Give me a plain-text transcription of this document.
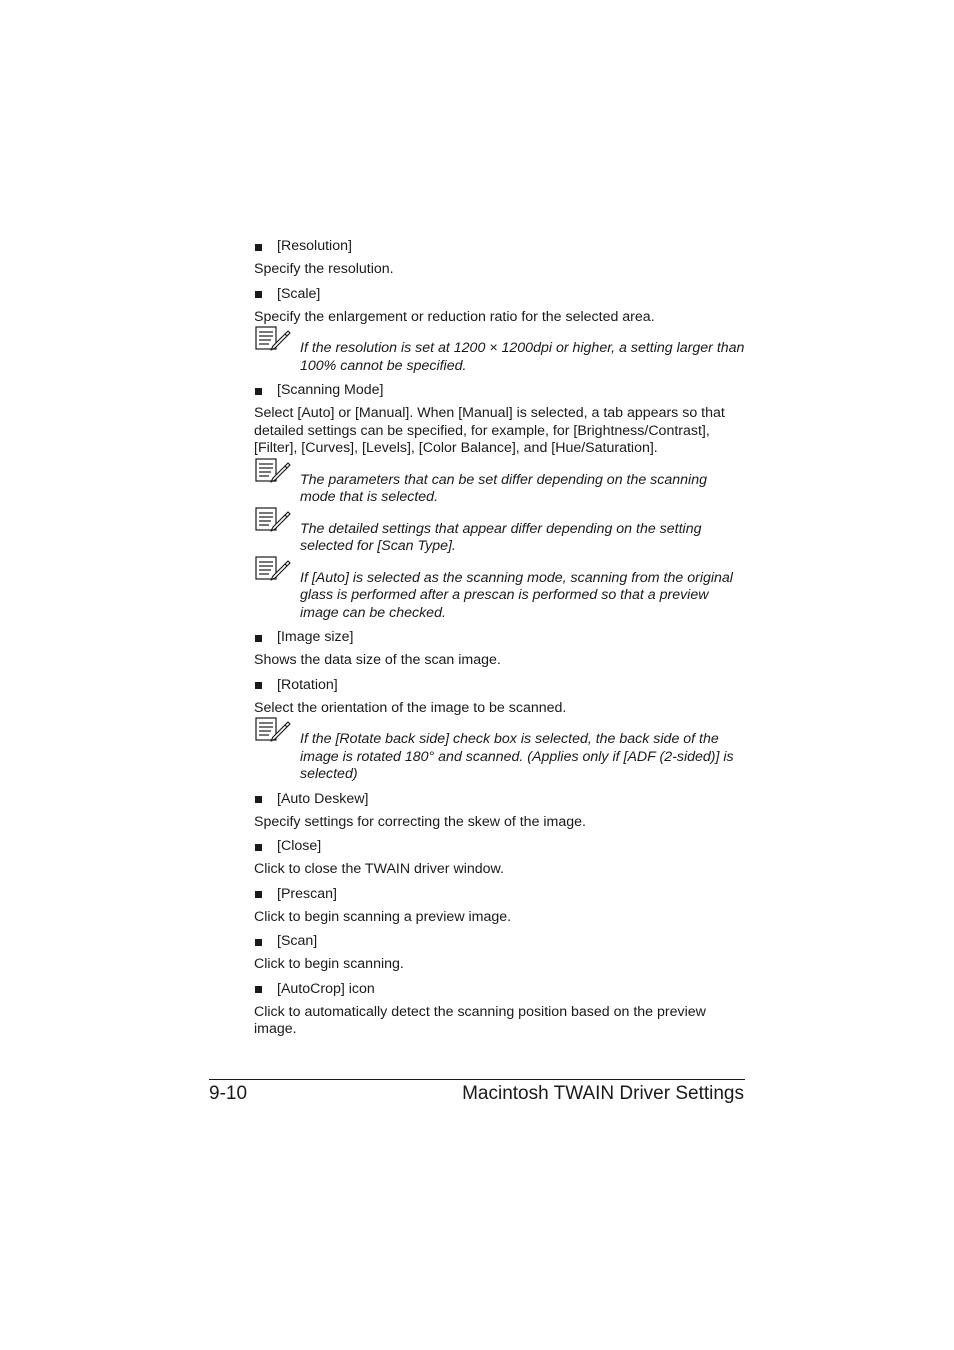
[Resolution]

Specify the resolution.

[Scale]

Specify the enlargement or reduction ratio for the selected area.

If the resolution is set at 1200 × 1200dpi or higher, a setting larger than 100% cannot be specified.
[Scanning Mode]

Select [Auto] or [Manual]. When [Manual] is selected, a tab appears so that detailed settings can be specified, for example, for [Brightness/Contrast], [Filter], [Curves], [Levels], [Color Balance], and [Hue/Saturation].

The parameters that can be set differ depending on the scanning mode that is selected.
The detailed settings that appear differ depending on the setting selected for [Scan Type].
If [Auto] is selected as the scanning mode, scanning from the original glass is performed after a prescan is performed so that a preview image can be checked.
[Image size]

Shows the data size of the scan image.

[Rotation]

Select the orientation of the image to be scanned.

If the [Rotate back side] check box is selected, the back side of the image is rotated 180° and scanned. (Applies only if [ADF (2-sided)] is selected)
[Auto Deskew]

Specify settings for correcting the skew of the image.

[Close]

Click to close the TWAIN driver window.

[Prescan]

Click to begin scanning a preview image.

[Scan]

Click to begin scanning.

[AutoCrop] icon

Click to automatically detect the scanning position based on the preview image.

9-10	Macintosh TWAIN Driver Settings
